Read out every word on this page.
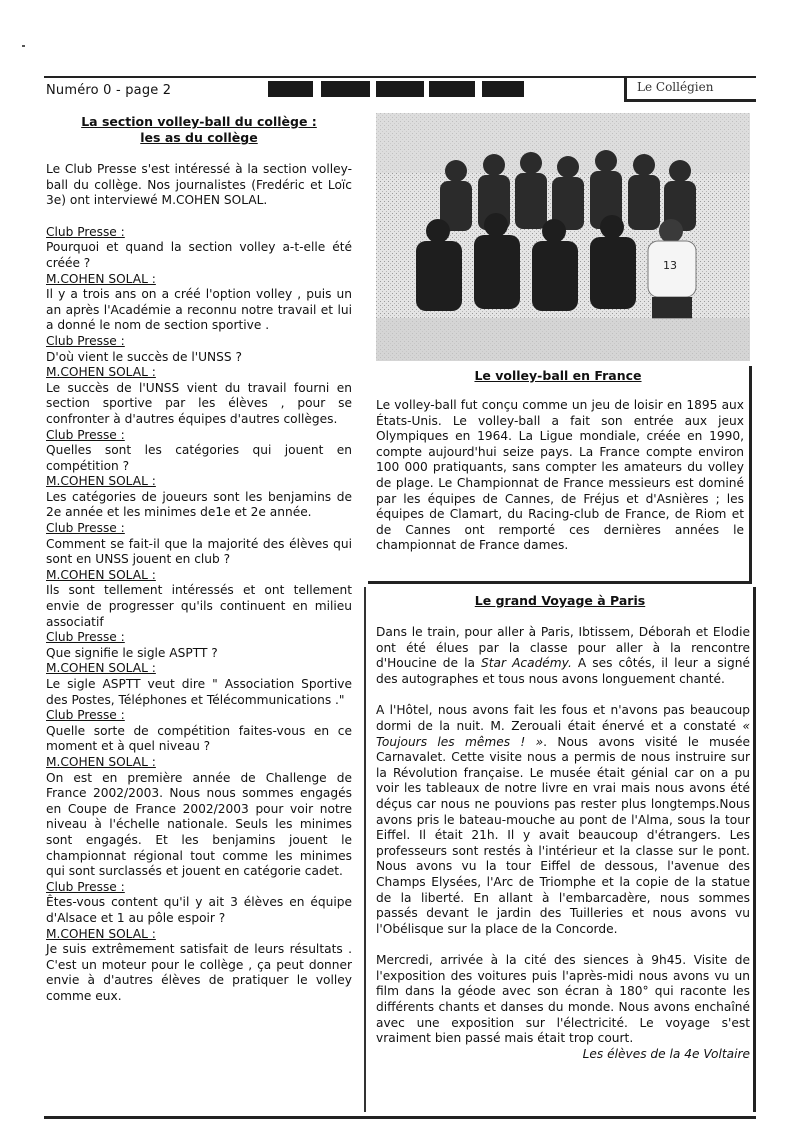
Numéro 0 - page 2	Le Collégien
La section volley-ball du collège :
les as du collège

Le Club Presse s'est intéressé à la section volley-ball du collège. Nos journalistes (Fredéric et Loïc 3e) ont interviewé M.COHEN SOLAL.

Club Presse :

Pourquoi et quand la section volley a-t-elle été créée ?

M.COHEN SOLAL :

Il y a trois ans on a créé l'option volley , puis un an après l'Académie a reconnu notre travail et lui a donné le nom de section sportive .

Club Presse :

D'où vient le succès de l'UNSS ?

M.COHEN SOLAL :

Le succès de l'UNSS vient du travail fourni en section sportive par les élèves , pour se confronter à d'autres équipes d'autres collèges.

Club Presse :

Quelles sont les catégories qui jouent en compétition ?

M.COHEN SOLAL :

Les catégories de joueurs sont les benjamins de 2e année et les minimes de1e et 2e année.

Club Presse :

Comment se fait-il que la majorité des élèves qui sont en UNSS jouent en club ?

M.COHEN SOLAL :

Ils sont tellement intéressés et ont tellement envie de progresser qu'ils continuent en milieu associatif

Club Presse :

Que signifie le sigle ASPTT ?

M.COHEN SOLAL :

Le sigle ASPTT veut dire " Association Sportive des Postes, Téléphones et Télécommunications ."

Club Presse :

Quelle sorte de compétition faites-vous en ce moment et à quel niveau ?

M.COHEN SOLAL :

On est en première année de Challenge de France 2002/2003. Nous nous sommes engagés en Coupe de France 2002/2003 pour voir notre niveau à l'échelle nationale. Seuls les minimes sont engagés. Et les benjamins jouent le championnat régional tout comme les minimes qui sont surclassés et jouent en catégorie cadet.

Club Presse :

Êtes-vous content qu'il y ait 3 élèves en équipe d'Alsace et 1 au pôle espoir ?

M.COHEN SOLAL :

Je suis extrêmement satisfait de leurs résultats . C'est un moteur pour le collège , ça peut donner envie à d'autres élèves de pratiquer le volley comme eux.

13
Le volley-ball en France

Le volley-ball fut conçu comme un jeu de loisir en 1895 aux États-Unis. Le volley-ball a fait son entrée aux jeux Olympiques en 1964. La Ligue mondiale, créée en 1990, compte aujourd'hui seize pays. La France compte environ 100 000 pratiquants, sans compter les amateurs du volley de plage. Le Championnat de France messieurs est dominé par les équipes de Cannes, de Fréjus et d'Asnières ; les équipes de Clamart, du Racing-club de France, de Riom et de Cannes ont remporté ces dernières années le championnat de France dames.

Le grand Voyage à Paris

Dans le train, pour aller à Paris, Ibtissem, Déborah et Elodie ont été élues par la classe pour aller à la rencontre d'Houcine de la Star Académy. A ses côtés, il leur a signé des autographes et tous nous avons longuement chanté.

A l'Hôtel, nous avons fait les fous et n'avons pas beaucoup dormi de la nuit. M. Zerouali était énervé et a constaté « Toujours les mêmes ! ». Nous avons visité le musée Carnavalet. Cette visite nous a permis de nous instruire sur la Révolution française. Le musée était génial car on a pu voir les tableaux de notre livre en vrai mais nous avons été déçus car nous ne pouvions pas rester plus longtemps.Nous avons pris le bateau-mouche au pont de l'Alma, sous la tour Eiffel. Il était 21h. Il y avait beaucoup d'étrangers. Les professeurs sont restés à l'intérieur et la classe sur le pont. Nous avons vu la tour Eiffel de dessous, l'avenue des Champs Elysées, l'Arc de Triomphe et la copie de la statue de la liberté. En allant à l'embarcadère, nous sommes passés devant le jardin des Tuilleries et nous avons vu l'Obélisque sur la place de la Concorde.

Mercredi, arrivée à la cité des siences à 9h45. Visite de l'exposition des voitures puis l'après-midi nous avons vu un film dans la géode avec son écran à 180° qui raconte les différents chants et danses du monde. Nous avons enchaîné avec une exposition sur l'électricité. Le voyage s'est vraiment bien passé mais était trop court.

Les élèves de la 4e Voltaire
